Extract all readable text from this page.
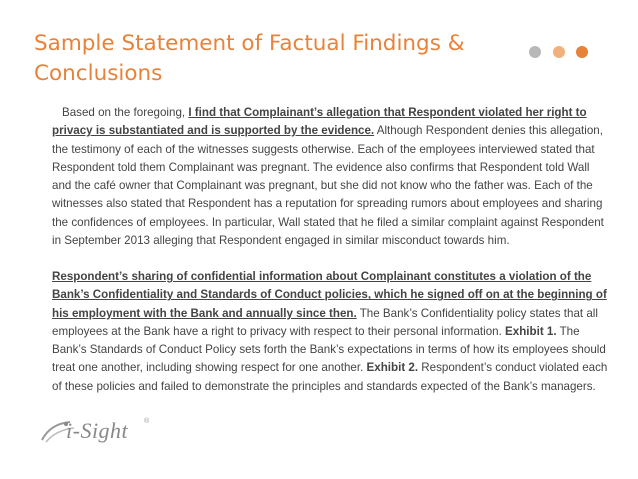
Sample Statement of Factual Findings & Conclusions

Based on the foregoing, I find that Complainant’s allegation that Respondent violated her right to privacy is substantiated and is supported by the evidence. Although Respondent denies this allegation, the testimony of each of the witnesses suggests otherwise. Each of the employees interviewed stated that Respondent told them Complainant was pregnant. The evidence also confirms that Respondent told Wall and the café owner that Complainant was pregnant, but she did not know who the father was. Each of the witnesses also stated that Respondent has a reputation for spreading rumors about employees and sharing the confidences of employees. In particular, Wall stated that he filed a similar complaint against Respondent in September 2013 alleging that Respondent engaged in similar misconduct towards him.

Respondent’s sharing of confidential information about Complainant constitutes a violation of the Bank’s Confidentiality and Standards of Conduct policies, which he signed off on at the beginning of his employment with the Bank and annually since then. The Bank’s Confidentiality policy states that all employees at the Bank have a right to privacy with respect to their personal information. Exhibit 1. The Bank’s Standards of Conduct Policy sets forth the Bank’s expectations in terms of how its employees should treat one another, including showing respect for one another. Exhibit 2. Respondent’s conduct violated each of these policies and failed to demonstrate the principles and standards expected of the Bank’s managers.

i-Sight ®
